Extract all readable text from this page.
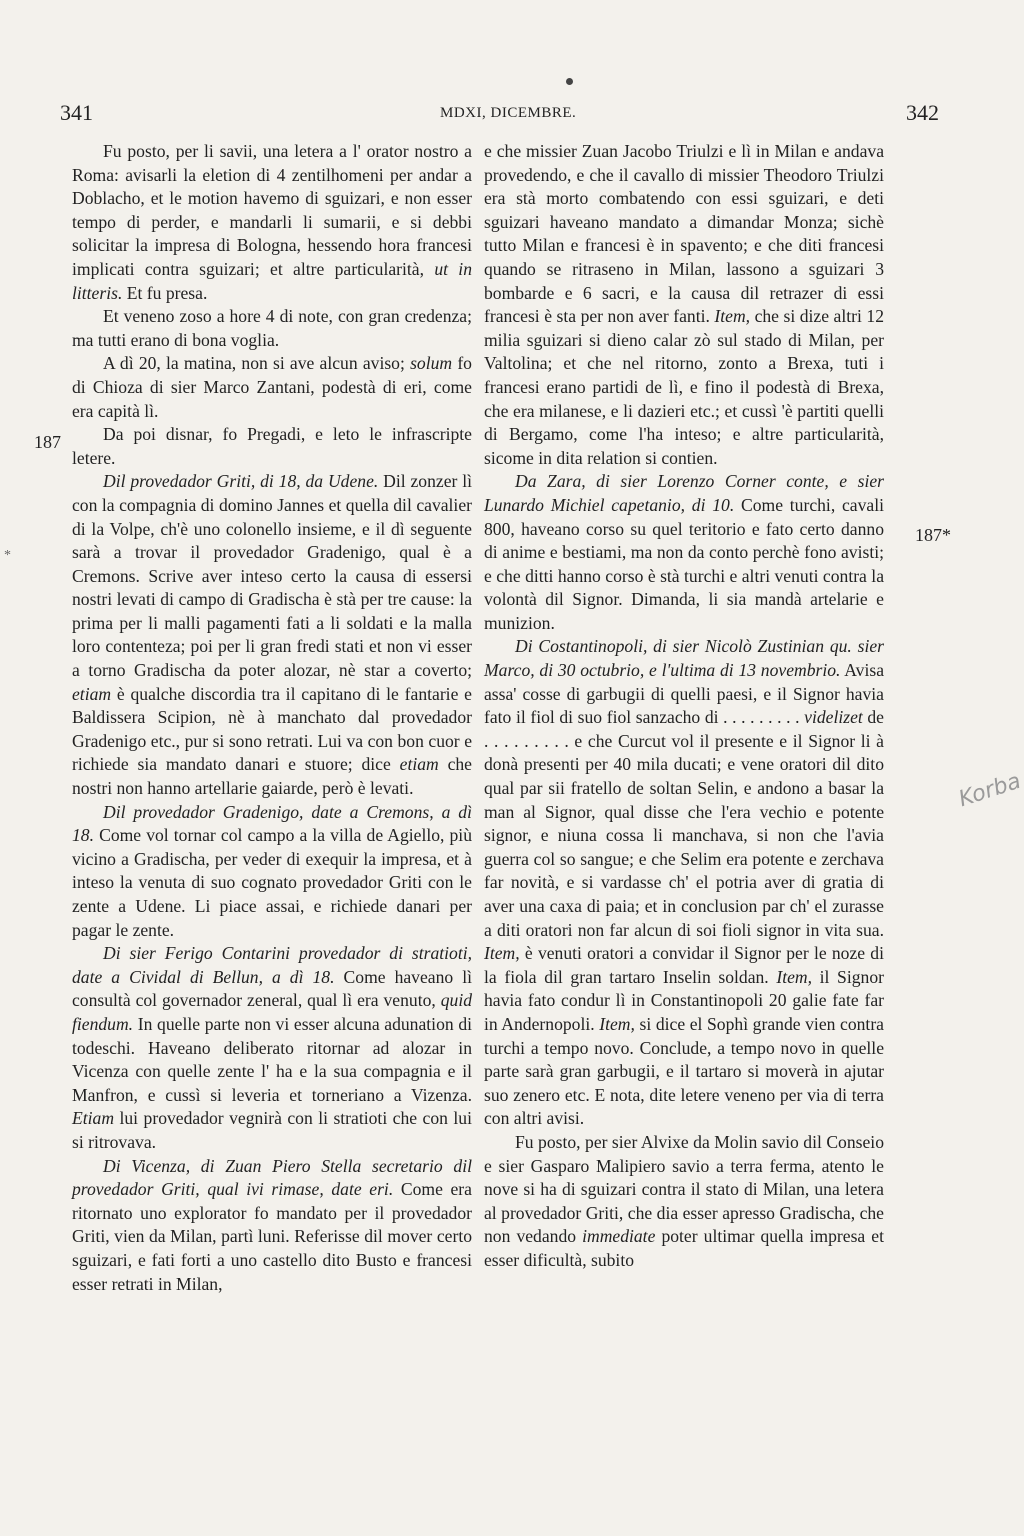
341	MDXI, DICEMBRE.	342
187
187*
*
Korba

Fu posto, per li savii, una letera a l' orator nostro a Roma: avisarli la eletion di 4 zentilhomeni per andar a Doblacho, et le motion havemo di sguizari, e non esser tempo di perder, e mandarli li sumarii, e si debbi solicitar la impresa di Bologna, hessendo hora francesi implicati contra sguizari; et altre particularità, ut in litteris. Et fu presa.

Et veneno zoso a hore 4 di note, con gran credenza; ma tutti erano di bona voglia.

A dì 20, la matina, non si ave alcun aviso; solum fo di Chioza di sier Marco Zantani, podestà di eri, come era capità lì.

Da poi disnar, fo Pregadi, e leto le infrascripte letere.

Dil provedador Griti, di 18, da Udene. Dil zonzer lì con la compagnia di domino Jannes et quella dil cavalier di la Volpe, ch'è uno colonello insieme, e il dì seguente sarà a trovar il provedador Gradenigo, qual è a Cremons. Scrive aver inteso certo la causa di essersi nostri levati di campo di Gradischa è stà per tre cause: la prima per li malli pagamenti fati a li soldati e la malla loro contenteza; poi per li gran fredi stati et non vi esser a torno Gradischa da poter alozar, nè star a coverto; etiam è qualche discordia tra il capitano di le fantarie e Baldissera Scipion, nè à manchato dal provedador Gradenigo etc., pur si sono retrati. Lui va con bon cuor e richiede sia mandato danari e stuore; dice etiam che nostri non hanno artellarie gaiarde, però è levati.

Dil provedador Gradenigo, date a Cremons, a dì 18. Come vol tornar col campo a la villa de Agiello, più vicino a Gradischa, per veder di exequir la impresa, et à inteso la venuta di suo cognato provedador Griti con le zente a Udene. Li piace assai, e richiede danari per pagar le zente.

Di sier Ferigo Contarini provedador di stratioti, date a Cividal di Bellun, a dì 18. Come haveano lì consultà col governador zeneral, qual lì era venuto, quid fiendum. In quelle parte non vi esser alcuna adunation di todeschi. Haveano deliberato ritornar ad alozar in Vicenza con quelle zente l' ha e la sua compagnia e il Manfron, e cussì si leveria et torneriano a Vizenza. Etiam lui provedador vegnirà con li stratioti che con lui si ritrovava.

Di Vicenza, di Zuan Piero Stella secretario dil provedador Griti, qual ivi rimase, date eri. Come era ritornato uno explorator fo mandato per il provedador Griti, vien da Milan, partì luni. Referisse dil mover certo sguizari, e fati forti a uno castello dito Busto e francesi esser retrati in Milan,

e che missier Zuan Jacobo Triulzi e lì in Milan e andava provedendo, e che il cavallo di missier Theodoro Triulzi era stà morto combatendo con essi sguizari, e deti sguizari haveano mandato a dimandar Monza; sichè tutto Milan e francesi è in spavento; e che diti francesi quando se ritraseno in Milan, lassono a sguizari 3 bombarde e 6 sacri, e la causa dil retrazer di essi francesi è sta per non aver fanti. Item, che si dize altri 12 milia sguizari si dieno calar zò sul stado di Milan, per Valtolina; et che nel ritorno, zonto a Brexa, tuti i francesi erano partidi de lì, e fino il podestà di Brexa, che era milanese, e li dazieri etc.; et cussì 'è partiti quelli di Bergamo, come l'ha inteso; e altre particularità, sicome in dita relation si contien.

Da Zara, di sier Lorenzo Corner conte, e sier Lunardo Michiel capetanio, di 10. Come turchi, cavali 800, haveano corso su quel teritorio e fato certo danno di anime e bestiami, ma non da conto perchè fono avisti; e che ditti hanno corso è stà turchi e altri venuti contra la volontà dil Signor. Dimanda, li sia mandà artelarie e munizion.

Di Costantinopoli, di sier Nicolò Zustinian qu. sier Marco, di 30 octubrio, e l'ultima di 13 novembrio. Avisa assa' cosse di garbugii di quelli paesi, e il Signor havia fato il fiol di suo fiol sanzacho di . . . . . . . . . videlizet de . . . . . . . . . e che Curcut vol il presente e il Signor li à donà presenti per 40 mila ducati; e vene oratori dil dito qual par sii fratello de soltan Selin, e andono a basar la man al Signor, qual disse che l'era vechio e potente signor, e niuna cossa li manchava, si non che l'avia guerra col so sangue; e che Selim era potente e zerchava far novità, e si vardasse ch' el potria aver di gratia di aver una caxa di paia; et in conclusion par ch' el zurasse a diti oratori non far alcun di soi fioli signor in vita sua. Item, è venuti oratori a convidar il Signor per le noze di la fiola dil gran tartaro Inselin soldan. Item, il Signor havia fato condur lì in Constantinopoli 20 galie fate far in Andernopoli. Item, si dice el Sophì grande vien contra turchi a tempo novo. Conclude, a tempo novo in quelle parte sarà gran garbugii, e il tartaro si moverà in ajutar suo zenero etc. E nota, dite letere veneno per via di terra con altri avisi.

Fu posto, per sier Alvixe da Molin savio dil Conseio e sier Gasparo Malipiero savio a terra ferma, atento le nove si ha di sguizari contra il stato di Milan, una letera al provedador Griti, che dia esser apresso Gradischa, che non vedando immediate poter ultimar quella impresa et esser dificultà, subito
